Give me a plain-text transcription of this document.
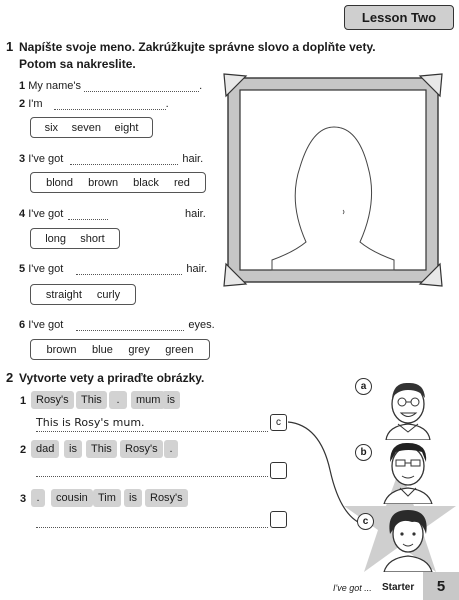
Lesson Two
1 Napíšte svoje meno. Zakrúžkujte správne slovo a doplňte vety.
Potom sa nakreslite.
1 My name's	.
2 I'm	.
six seven eight
3 I've got	hair.
blond brown black red
4 I've got	hair.
long short
5 I've got	hair.
straight curly
6 I've got	eyes.
brown blue grey green
2 Vytvorte vety a priraďte obrázky.
1 Rosy's	This	.	mum is
This is Rosy's mum.	c
2 dad	is	This	Rosy's	.
3 .	cousin Tim	is	Rosy's
a
b
c
I've got ... Starter	5
